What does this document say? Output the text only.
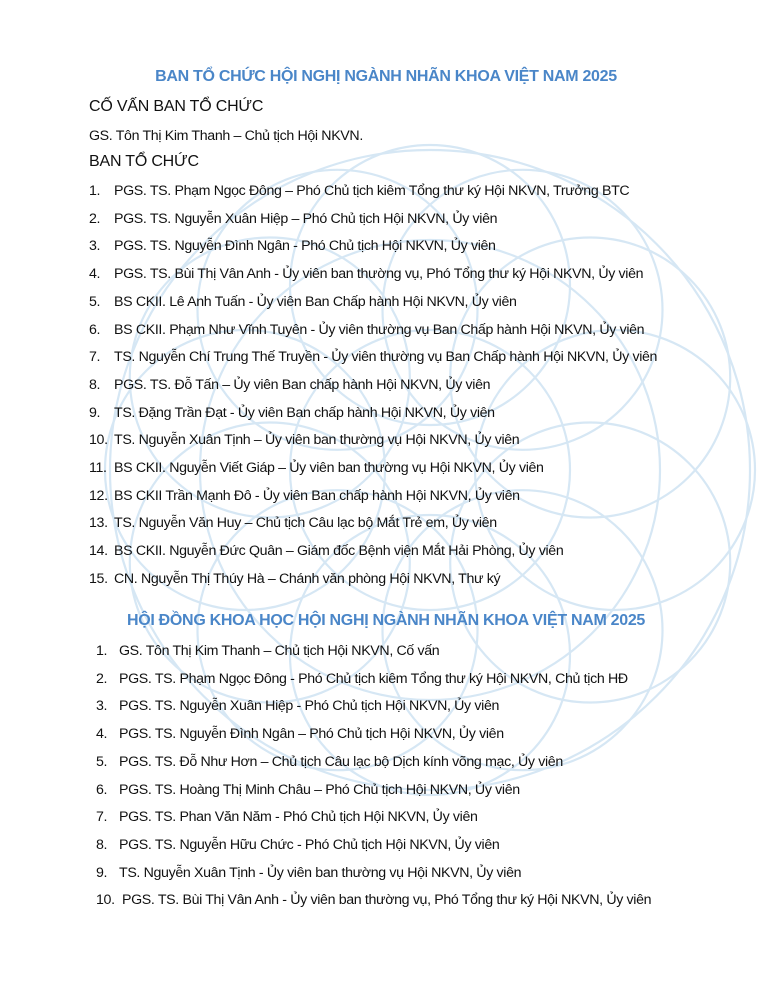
BAN TỔ CHỨC HỘI NGHỊ NGÀNH NHÃN KHOA VIỆT NAM 2025
CỐ VẤN BAN TỔ CHỨC
GS. Tôn Thị Kim Thanh – Chủ tịch Hội NKVN.
BAN TỔ CHỨC
1. PGS. TS. Phạm Ngọc Đông – Phó Chủ tịch kiêm Tổng thư ký Hội NKVN, Trưởng BTC
2. PGS. TS. Nguyễn Xuân Hiệp – Phó Chủ tịch Hội NKVN, Ủy viên
3. PGS. TS. Nguyễn Đình Ngân - Phó Chủ tịch Hội NKVN, Ủy viên
4. PGS. TS. Bùi Thị Vân Anh - Ủy viên ban thường vụ, Phó Tổng thư ký Hội NKVN, Ủy viên
5. BS CKII. Lê Anh Tuấn - Ủy viên Ban Chấp hành Hội NKVN, Ủy viên
6. BS CKII. Phạm Như Vĩnh Tuyên - Ủy viên thường vụ Ban Chấp hành Hội NKVN, Ủy viên
7. TS. Nguyễn Chí Trung Thế Truyền - Ủy viên thường vụ Ban Chấp hành Hội NKVN, Ủy viên
8. PGS. TS. Đỗ Tấn – Ủy viên Ban chấp hành Hội NKVN, Ủy viên
9. TS. Đặng Trần Đạt - Ủy viên Ban chấp hành Hội NKVN, Ủy viên
10. TS. Nguyễn Xuân Tịnh – Ủy viên ban thường vụ Hội NKVN, Ủy viên
11. BS CKII. Nguyễn Viết Giáp – Ủy viên ban thường vụ Hội NKVN, Ủy viên
12. BS CKII Trần Mạnh Đô - Ủy viên Ban chấp hành Hội NKVN, Ủy viên
13. TS. Nguyễn Văn Huy – Chủ tịch Câu lạc bộ Mắt Trẻ em, Ủy viên
14. BS CKII. Nguyễn Đức Quân – Giám đốc Bệnh viện Mắt Hải Phòng, Ủy viên
15. CN. Nguyễn Thị Thúy Hà – Chánh văn phòng Hội NKVN, Thư ký
HỘI ĐỒNG KHOA HỌC HỘI NGHỊ NGÀNH NHÃN KHOA VIỆT NAM 2025
1. GS. Tôn Thị Kim Thanh – Chủ tịch Hội NKVN, Cố vấn
2. PGS. TS. Phạm Ngọc Đông - Phó Chủ tịch kiêm Tổng thư ký Hội NKVN, Chủ tịch HĐ
3. PGS. TS. Nguyễn Xuân Hiệp - Phó Chủ tịch Hội NKVN, Ủy viên
4. PGS. TS. Nguyễn Đình Ngân – Phó Chủ tịch Hội NKVN, Ủy viên
5. PGS. TS. Đỗ Như Hơn – Chủ tịch Câu lạc bộ Dịch kính võng mạc, Ủy viên
6. PGS. TS. Hoàng Thị Minh Châu – Phó Chủ tịch Hội NKVN, Ủy viên
7. PGS. TS. Phan Văn Năm - Phó Chủ tịch Hội NKVN, Ủy viên
8. PGS. TS. Nguyễn Hữu Chức - Phó Chủ tịch Hội NKVN, Ủy viên
9. TS. Nguyễn Xuân Tịnh - Ủy viên ban thường vụ Hội NKVN, Ủy viên
10. PGS. TS. Bùi Thị Vân Anh - Ủy viên ban thường vụ, Phó Tổng thư ký Hội NKVN, Ủy viên
